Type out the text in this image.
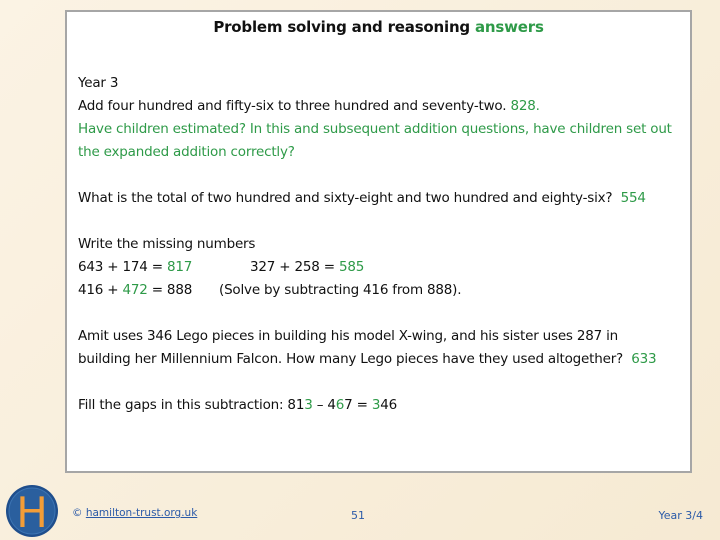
Problem solving and reasoning answers
Year 3
Add four hundred and fifty-six to three hundred and seventy-two. 828.
Have children estimated? In this and subsequent addition questions, have children set out the expanded addition correctly?
What is the total of two hundred and sixty-eight and two hundred and eighty-six? 554
Write the missing numbers
643 + 174 = 817	327 + 258 = 585
416 + 472 = 888 (Solve by subtracting 416 from 888).
Amit uses 346 Lego pieces in building his model X-wing, and his sister uses 287 in
building her Millennium Falcon. How many Lego pieces have they used altogether? 633
Fill the gaps in this subtraction: 813 – 467 = 346
H © hamilton-trust.org.uk	51	Year 3/4
